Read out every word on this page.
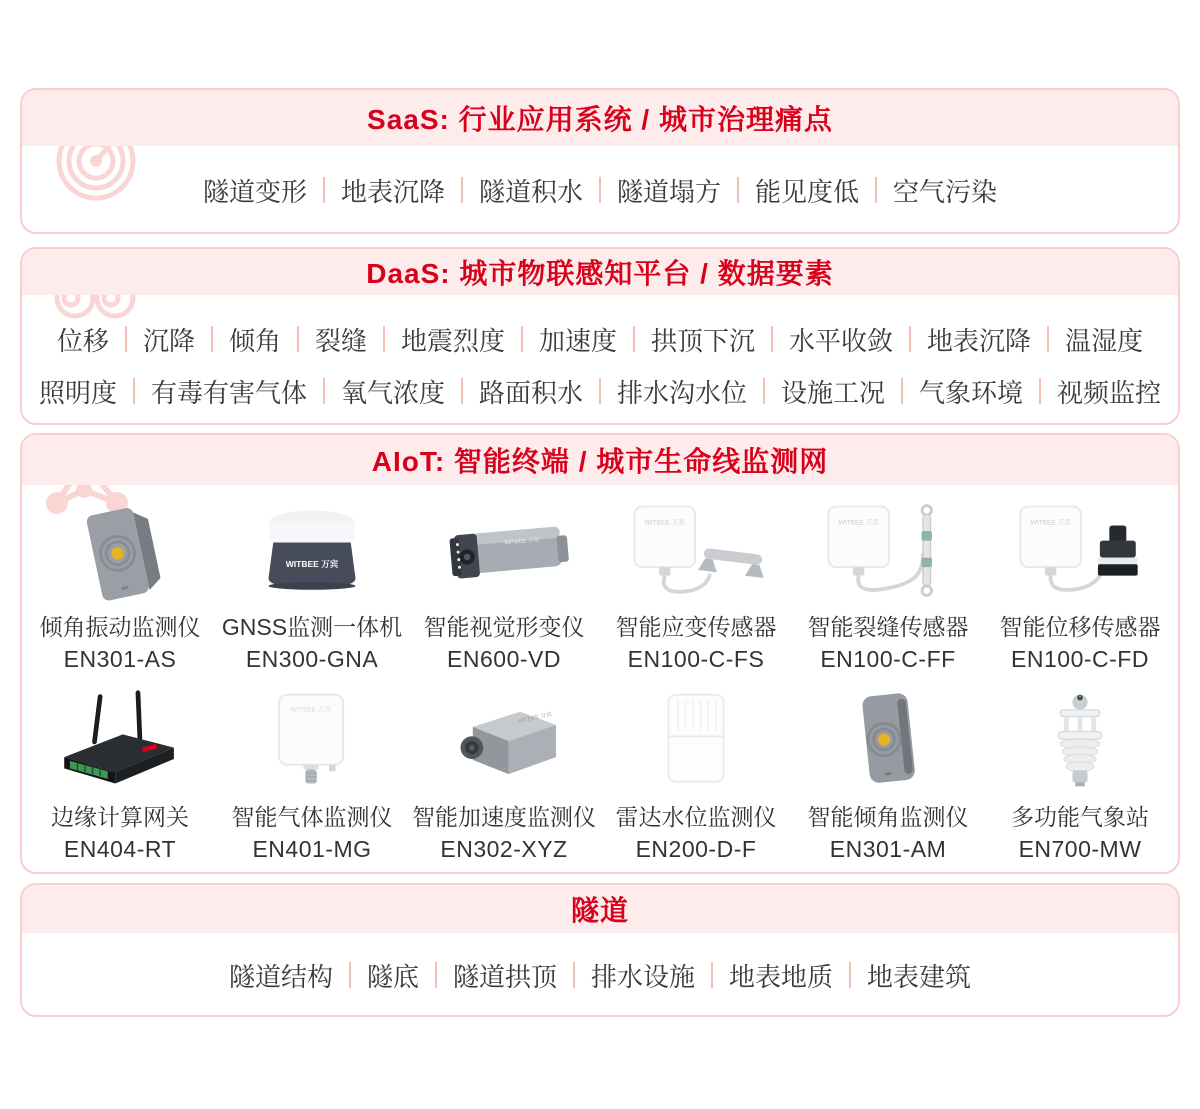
SaaS: 行业应用系统 / 城市治理痛点
隧道变形 地表沉降 隧道积水 隧道塌方 能见度低 空气污染
DaaS: 城市物联感知平台 / 数据要素
位移 沉降 倾角 裂缝 地震烈度 加速度 拱顶下沉 水平收敛 地表沉降 温湿度
照明度 有毒有害气体 氧气浓度 路面积水 排水沟水位 设施工况 气象环境 视频监控
AIoT: 智能终端 / 城市生命线监测网
倾角振动监测仪
EN301-AS
WITBEE 万宾
GNSS监测一体机
EN300-GNA
WITBEE 万宾
智能视觉形变仪
EN600-VD
WITBEE 万宾
智能应变传感器
EN100-C-FS
WITBEE 万宾
智能裂缝传感器
EN100-C-FF
WITBEE 万宾
智能位移传感器
EN100-C-FD
边缘计算网关
EN404-RT
WITBEE 万宾
智能气体监测仪
EN401-MG
WITBEE 万宾
智能加速度监测仪
EN302-XYZ
雷达水位监测仪
EN200-D-F
智能倾角监测仪
EN301-AM
多功能气象站
EN700-MW
隧道
隧道结构 隧底 隧道拱顶 排水设施 地表地质 地表建筑
